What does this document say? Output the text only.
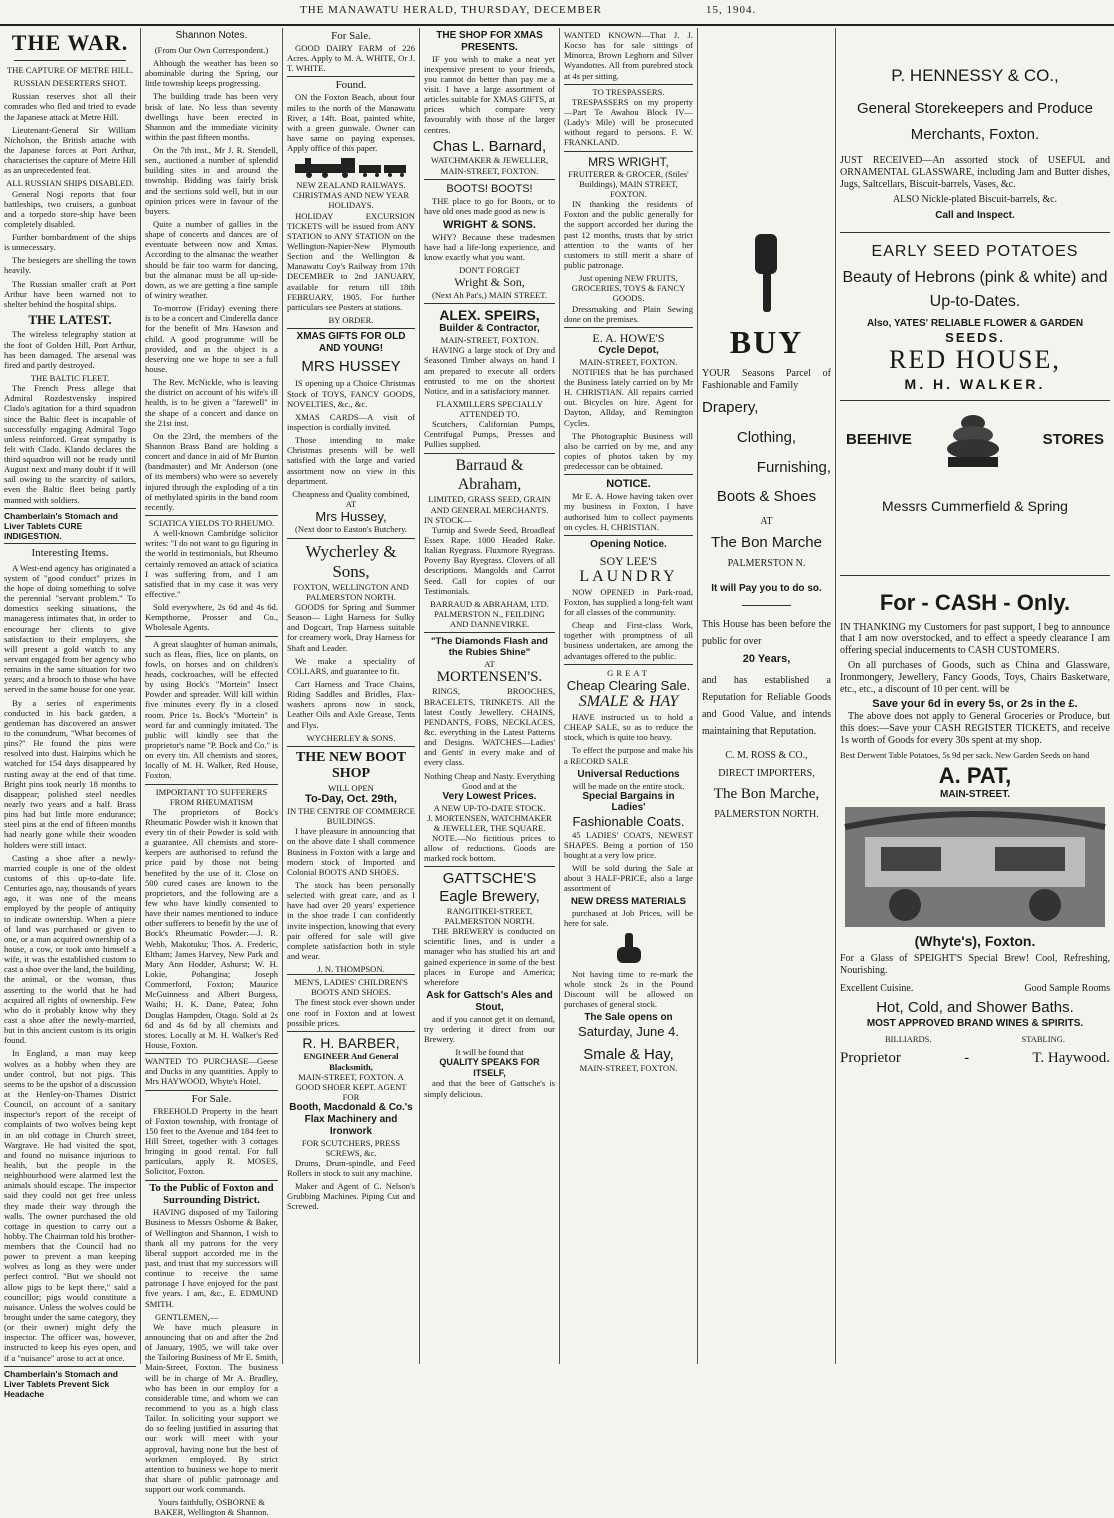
THE MANAWATU HERALD, THURSDAY, DECEMBER	15, 1904.
THE WAR.
THE CAPTURE OF METRE HILL.
RUSSIAN DESERTERS SHOT.

Russian reserves shot all their comrades who fled and tried to evade the Japanese attack at Metre Hill.

Lieutenant-General Sir William Nicholson, the British attache with the Japanese forces at Port Arthur, characterises the capture of Metre Hill as an unprecedented feat.

ALL RUSSIAN SHIPS DISABLED.

General Nogi reports that four battleships, two cruisers, a gunboat and a torpedo store-ship have been completely disabled.

Further bombardment of the ships is unnecessary.

The besiegers are shelling the town heavily.

The Russian smaller craft at Port Arthur have been warned not to shelter behind the hospital ships.

THE LATEST.

The wireless telegraphy station at the foot of Golden Hill, Port Arthur, has been damaged. The arsenal was fired and partly destroyed.

THE BALTIC FLEET.

The French Press allege that Admiral Rozdestvensky inspired Clado's agitation for a third squadron since the Baltic fleet is incapable of successfully engaging Admiral Togo unless reinforced. Great sympathy is felt with Clado. Klando declares the third squadron will not be ready until August next and many doubt if it will sail owing to the scarcity of sailors, even the Baltic fleet being partly manned with soldiers.

Chamberlain's Stomach and Liver Tablets CURE INDIGESTION.
Interesting Items.

A West-end agency has originated a system of "good conduct" prizes in the hope of doing something to solve the perennial "servant problem." To domestics seeking situations, the manageress intimates that, in order to encourage her clients to give satisfaction to their employers, she will present a gold watch to any servant engaged from her agency who remains in the same situation for two years; and a brooch to those who have served in the same house for one year.

By a series of experiments conducted in his back garden, a gentleman has discovered an answer to the conundrum, "What becomes of pins?" He found the pins were resolved into dust. Hairpins which he watched for 154 days disappeared by rusting away at the end of that time. Bright pins took nearly 18 months to disappear; polished steel needles nearly two years and a half. Brass pins had but little more endurance; steel pins at the end of fifteen months had nearly gone while their wooden holders were still intact.

Casting a shoe after a newly-married couple is one of the oldest customs of this up-to-date life. Centuries ago, nay, thousands of years ago, it was one of the means employed by the people of antiquity to indicate ownership. When a piece of land was purchased or given to one, or a man acquired ownership of a house, a cow, or took unto himself a wife, it was the established custom to cast a shoe over the land, the building, the animal, or the woman, thus asserting to the world that he had acquired all rights of ownership. Few who do it probably know why they cast a shoe after the newly-married, but in this ancient custom is its origin found.

In England, a man may keep wolves as a hobby when they are under control, but not pigs. This seems to be the upshot of a discussion at the Henley-on-Thames District Council, on account of a sanitary inspector's report of the receipt of complaints of two wolves being kept in an old cottage in Church street, Wargrave. He had visited the spot, and found no nuisance injurious to health, but the people in the neighbourhood were alarmed lest the animals should escape. The inspector said they could not get free unless they made their way through the walls. The owner purchased the old cottage in question to carry out a hobby. The Chairman told his brother-members that the Council had no power to prevent a man keeping wolves as long as they were under perfect control. "But we should not allow pigs to be kept there," said a councillor; pigs would constitute a nuisance. Unless the wolves could be brought under the same category, they (or their owner) might defy the inspector. The officer was, however, instructed to keep his eyes open, and if a "nuisance" arose to act at once.

Chamberlain's Stomach and Liver Tablets Prevent Sick Headache
Shannon Notes.
(From Our Own Correspondent.)

Although the weather has been so abominable during the Spring, our little township keeps progressing.

The building trade has been very brisk of late. No less than seventy dwellings have been erected in Shannon and the immediate vicinity within the past fifteen months.

On the 7th inst., Mr J. R. Stendell, sen., auctioned a number of splendid building sites in and around the township. Bidding was fairly brisk and the sections sold well, but in our opinion prices were in favour of the buyers.

Quite a number of gallies in the shape of concerts and dances are of eventuate between now and Xmas. According to the almanac the weather should be fair too warm for dancing, but the almanac must be all up-side-down, as we are getting a fine sample of wintry weather.

To-morrow (Friday) evening there is to be a concert and Cinderella dance for the benefit of Mrs Hawson and child. A good programme will be provided, and as the object is a deserving one we hope to see a full house.

The Rev. McNickle, who is leaving the district on account of his wife's ill health, is to be given a "farewell" in the shape of a concert and dance on the 21st inst.

On the 23rd, the members of the Shannon Brass Band are holding a concert and dance in aid of Mr Burton (bandmaster) and Mr Anderson (one of its members) who were so severely injured through the exploding of a tin of methylated spirits in the band room recently.

SCIATICA YIELDS TO RHEUMO.

A well-known Cambridge solicitor writes: "I do not want to go figuring in the world in testimonials, but Rheumo certainly removed an attack of sciatica I was suffering from, and I am satisfied that in my case it was very effective."

Sold everywhere, 2s 6d and 4s 6d. Kempthorne, Prosser and Co., Wholesale Agents.

A great slaughter of human animals, such as fleas, flies, lice on plants, on fowls, on horses and on children's heads, cockroaches, will be effected by using Bock's "Mortein" Insect Powder and spreader. Will kill within five minutes every fly in a closed room. Price 1s. Bock's "Mortein" is word far and cunningly imitated. The public will kindly see that the proprietor's name "P. Bock and Co." is on every tin. All chemists and stores, locally of M. H. Walker, Red House, Foxton.

IMPORTANT TO SUFFERERS FROM RHEUMATISM

The proprietors of Bock's Rheumatic Powder wish it known that every tin of their Powder is sold with a guarantee. All chemists and store-keepers are authorised to refund the price paid by those not being benefited by the use of it. Close on 500 cured cases are known to the proprietors, and the following are a few who have kindly consented to have their names mentioned to induce other sufferers to benefit by the use of Bock's Rheumatic Powder:—J. R. Webb, Makotuku; Thos. A. Frederic, Eltham; James Harvey, New Park and Mary Ann Hodder, Ashurst; W. H. Lokie, Pohangina; Joseph Commerford, Foxton; Maurice McGuinness and Albert Burgess, Waihi; H. K. Dane, Patea; John Douglas Hampden, Otago. Sold at 2s 6d and 4s 6d by all chemists and stores. Locally at M. H. Walker's Red House, Foxton.

WANTED TO PURCHASE—Geese and Ducks in any quantities. Apply to Mrs HAYWOOD, Whyte's Hotel.

For Sale.

FREEHOLD Property in the heart of Foxton township, with frontage of 150 feet to the Avenue and 184 feet to Hill Street, together with 3 cottages bringing in good rental. For full particulars, apply R. MOSES, Solicitor, Foxton.

To the Public of Foxton and Surrounding District.

HAVING disposed of my Tailoring Business to Messrs Osborne & Baker, of Wellington and Shannon, I wish to thank all my patrons for the very liberal support accorded me in the past, and trust that my successors will continue to receive the same patronage I have enjoyed for the past five years. I am, &c., E. EDMUND SMITH.

GENTLEMEN,—

We have much pleasure in announcing that on and after the 2nd of January, 1905, we will take over the Tailoring Business of Mr E. Smith, Main-Street, Foxton. The business will be in charge of Mr A. Bradley, who has been in our employ for a considerable time, and whom we can recommend to you as a high class Tailor. In soliciting your support we do so feeling justified in assuring that our work will meet with your approval, having none but the best of workmen employed. By strict attention to business we hope to merit that share of public patronage and support our work commands.

Yours faithfully, OSBORNE & BAKER, Wellington & Shannon.
For Sale.

GOOD DAIRY FARM of 226 Acres. Apply to M. A. WHITE, Or J. T. WHITE.

Found.

ON the Foxton Beach, about four miles to the north of the Manawatu River, a 14ft. Boat, painted white, with a green gunwale. Owner can have same on paying expenses. Apply office of this paper.

NEW ZEALAND RAILWAYS. CHRISTMAS AND NEW YEAR HOLIDAYS.

HOLIDAY EXCURSION TICKETS will be issued from ANY STATION to ANY STATION on the Wellington-Napier-New Plymouth Section and the Wellington & Manawatu Coy's Railway from 17th DECEMBER to 2nd JANUARY, available for return till 18th FEBRUARY, 1905. For further particulars see Posters at stations.

BY ORDER.
XMAS GIFTS FOR OLD AND YOUNG!
MRS HUSSEY

IS opening up a Choice Christmas Stock of TOYS, FANCY GOODS, NOVELTIES, &c., &c.

XMAS CARDS—A visit of inspection is cordially invited.

Those intending to make Christmas presents will be well satisfied with the large and varied assortment now on view in this department.

Cheapness and Quality combined, AT
Mrs Hussey,
(Next door to Easton's Butchery.
Wycherley & Sons,
FOXTON, WELLINGTON AND PALMERSTON NORTH.

GOODS for Spring and Summer Season— Light Harness for Sulky and Dogcart, Trap Harness suitable for creamery work, Dray Harness for Shaft and Leader.

We make a speciality of COLLARS, and guarantee to fit.

Cart Harness and Trace Chains, Riding Saddles and Bridles, Flax-washers aprons now in stock, Leather Oils and Axle Grease, Tents and Flys.

WYCHERLEY & SONS.
THE NEW BOOT SHOP
WILL OPEN
To-Day, Oct. 29th,
IN THE CENTRE OF COMMERCE BUILDINGS.

I have pleasure in announcing that on the above date I shall commence Business in Foxton with a large and modern stock of Imported and Colonial BOOTS AND SHOES.

The stock has been personally selected with great care, and as I have had over 20 years' experience in the shoe trade I can confidently invite inspection, knowing that every pair offered for sale will give complete satisfaction both in style and wear.

J. N. THOMPSON.
MEN'S, LADIES' CHILDREN'S BOOTS AND SHOES.

The finest stock ever shown under one roof in Foxton and at lowest possible prices.

R. H. BARBER,
ENGINEER And General Blacksmith,
MAIN-STREET, FOXTON. A GOOD SHOER KEPT. AGENT FOR
Booth, Macdonald & Co.'s Flax Machinery and Ironwork
FOR SCUTCHERS, PRESS SCREWS, &c.

Drums, Drum-spindle, and Feed Rollers in stock to suit any machine.

Maker and Agent of C. Nelson's Grubbing Machines. Piping Cut and Screwed.

THE SHOP FOR XMAS PRESENTS.

IF you wish to make a neat yet inexpensive present to your friends, you cannot do better than pay me a visit. I have a large assortment of articles suitable for XMAS GIFTS, at prices which compare very favourably with those of the larger centres.

Chas L. Barnard,
WATCHMAKER & JEWELLER, MAIN-STREET, FOXTON.
BOOTS! BOOTS!

THE place to go for Boots, or to have old ones made good as new is

WRIGHT & SONS.

WHY? Because these tradesmen have had a life-long experience, and know exactly what you want.

DON'T FORGET
Wright & Son,
(Next Ah Pat's,) MAIN STREET.
ALEX. SPEIRS,
Builder & Contractor,
MAIN-STREET, FOXTON.

HAVING a large stock of Dry and Seasoned Timber always on hand I am prepared to execute all orders entrusted to me on the shortest Notice, and in a satisfactory manner.

FLAXMILLERS SPECIALLY ATTENDED TO.

Scutchers, Californian Pumps, Centrifugal Pumps, Presses and Pullies supplied.

Barraud & Abraham,
LIMITED, GRASS SEED, GRAIN AND GENERAL MERCHANTS.
IN STOCK—

Turnip and Swede Seed, Broadleaf Essex Rape. 1000 Headed Rake. Italian Ryegrass. Fluxmore Ryegrass. Poverty Bay Ryegrass. Clovers of all descriptions. Mangolds and Carrot Seed. Call for copies of our Testimonials.

BARRAUD & ABRAHAM, LTD. PALMERSTON N., FEILDING AND DANNEVIRKE.
"The Diamonds Flash and the Rubies Shine"
AT
MORTENSEN'S.

RINGS, BROOCHES, BRACELETS, TRINKETS. All the latest Costly Jewellery. CHAINS, PENDANTS, FOBS, NECKLACES, &c. everything in the Latest Patterns and Designs. WATCHES—Ladies' and Gents' in every make and of every class.

Nothing Cheap and Nasty. Everything Good and at the
Very Lowest Prices.
A NEW UP-TO-DATE STOCK.
J. MORTENSEN, WATCHMAKER & JEWELLER, THE SQUARE.

NOTE.—No fictitious prices to allow of reductions. Goods are marked rock bottom.

GATTSCHE'S
Eagle Brewery,
RANGITIKEI-STREET, PALMERSTON NORTH.

THE BREWERY is conducted on scientific lines, and is under a manager who has studied his art and gained experience in some of the best places in Europe and America; wherefore

Ask for Gattsch's Ales and Stout,

and if you cannot get it on demand, try ordering it direct from our Brewery.

It will be found that
QUALITY SPEAKS FOR ITSELF,

and that the beer of Gattsche's is simply delicious.

WANTED KNOWN—That J. J. Kocso has for sale sittings of Minorca, Brown Leghorn and Silver Wyandottes. All from purebred stock at 4s per sitting.

TO TRESPASSERS.

TRESPASSERS on my property —Part Te Awahou Block IV— (Lady's Mile) will be prosecuted without regard to persons. F. W. FRANKLAND.

MRS WRIGHT,
FRUITERER & GROCER, (Stiles' Buildings), MAIN STREET, FOXTON.

IN thanking the residents of Foxton and the public generally for the support accorded her during the past 12 months, trusts that by strict attention to the wants of her customers to still merit a share of public patronage.

Just opening NEW FRUITS, GROCERIES, TOYS & FANCY GOODS.

Dressmaking and Plain Sewing done on the premises.

E. A. HOWE'S
Cycle Depot,
MAIN-STREET, FOXTON.

NOTIFIES that he has purchased the Business lately carried on by Mr H. CHRISTIAN. All repairs carried out. Bicycles on hire. Agent for Dayton, Allday, and Remington Cycles.

The Photographic Business will also be carried on by me, and any copies of photos taken by my predecessor can be obtained.

NOTICE.

Mr E. A. Howe having taken over my business in Foxton, I have authorised him to collect payments on cycles. H. CHRISTIAN.

Opening Notice.
SOY LEE'S
LAUNDRY

NOW OPENED in Park-road, Foxton, has supplied a long-felt want for all classes of the community.

Cheap and First-class Work, together with promptness of all business undertaken, are among the advantages offered to the public.

GREAT
Cheap Clearing Sale.
SMALE & HAY

HAVE instructed us to hold a CHEAP SALE, so as to reduce the stock, which is quite too heavy.

To effect the purpose and make his a RECORD SALE

Universal Reductions
will be made on the entire stock.
Special Bargains in Ladies'
Fashionable Coats.

45 LADIES' COATS, NEWEST SHAPES. Being a portion of 150 bought at a very low price.

Will be sold during the Sale at about 3 HALF-PRICE, also a large assortment of

NEW DRESS MATERIALS

purchased at Job Prices, will be here for sale.

Not having time to re-mark the whole stock 2s in the Pound Discount will be allowed on purchases of general stock.

The Sale opens on
Saturday, June 4.
Smale & Hay,
MAIN-STREET, FOXTON.
BUY

YOUR Seasons Parcel of Fashionable and Family

Drapery,
Clothing,
Furnishing,
Boots & Shoes
AT
The Bon Marche
PALMERSTON N.
It will Pay you to do so.

This House has been before the public for over

20 Years,

and has established a Reputation for Reliable Goods and Good Value, and intends maintaining that Reputation.

C. M. ROSS & CO.,
DIRECT IMPORTERS,
The Bon Marche,
PALMERSTON NORTH.
P. HENNESSY & CO.,
General Storekeepers and Produce Merchants, Foxton.

JUST RECEIVED—An assorted stock of USEFUL and ORNAMENTAL GLASSWARE, including Jam and Butter dishes, Jugs, Saltcellars, Biscuit-barrels, Vases, &c.

ALSO Nickle-plated Biscuit-barrels, &c.
Call and Inspect.
EARLY SEED POTATOES
Beauty of Hebrons (pink & white) and Up-to-Dates.
Also, YATES' RELIABLE FLOWER & GARDEN
SEEDS.
RED HOUSE,
M. H. WALKER.
BEEHIVE	STORES
Messrs Cummerfield & Spring
For - CASH - Only.

IN THANKING my Customers for past support, I beg to announce that I am now overstocked, and to effect a speedy clearance I am offering special inducements to CASH CUSTOMERS.

On all purchases of Goods, such as China and Glassware, Ironmongery, Jewellery, Fancy Goods, Toys, Chairs Basketware, etc., etc., a discount of 10 per cent. will be

Save your 6d in every 5s, or 2s in the £.

The above does not apply to General Groceries or Produce, but this does:—Save your CASH REGISTER TICKETS, and receive 1s worth of Goods for every 30s spent at my shop.

Best Derwent Table Potatoes, 5s 9d per sack. New Garden Seeds on hand

A. PAT,
MAIN-STREET.
(Whyte's), Foxton.

For a Glass of SPEIGHT'S Special Brew! Cool, Refreshing, Nourishing.

Excellent Cuisine.	Good Sample Rooms
Hot, Cold, and Shower Baths.
MOST APPROVED BRAND WINES & SPIRITS.
BILLIARDS.	STABLING.
Proprietor	-	T. Haywood.
